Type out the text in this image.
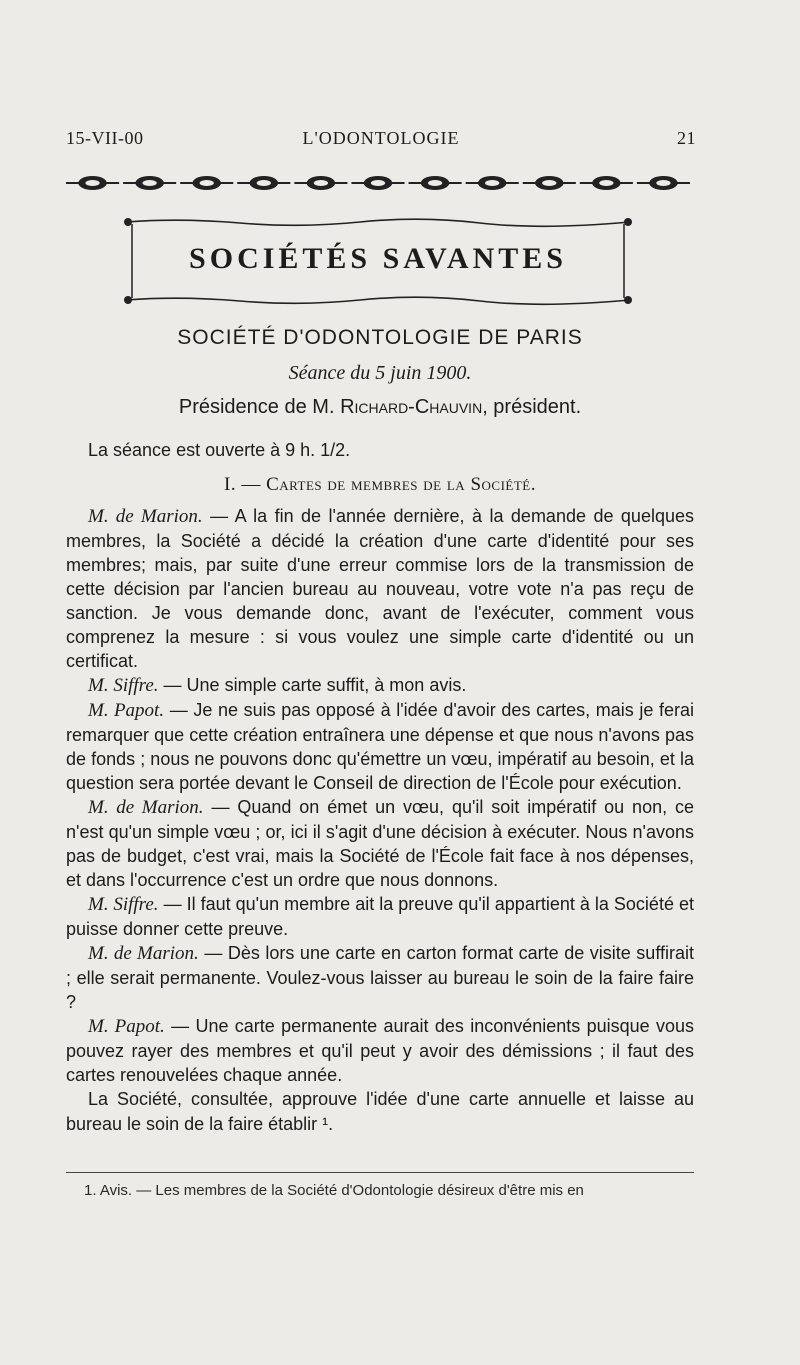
15-VII-00	L'ODONTOLOGIE	21
SOCIÉTÉS SAVANTES
SOCIÉTÉ D'ODONTOLOGIE DE PARIS
Séance du 5 juin 1900.
Présidence de M. Richard-Chauvin, président.
La séance est ouverte à 9 h. 1/2.
I. — Cartes de membres de la Société.

M. de Marion. — A la fin de l'année dernière, à la demande de quelques membres, la Société a décidé la création d'une carte d'identité pour ses membres; mais, par suite d'une erreur commise lors de la transmission de cette décision par l'ancien bureau au nouveau, votre vote n'a pas reçu de sanction. Je vous demande donc, avant de l'exécuter, comment vous comprenez la mesure : si vous voulez une simple carte d'identité ou un certificat.

M. Siffre. — Une simple carte suffit, à mon avis.

M. Papot. — Je ne suis pas opposé à l'idée d'avoir des cartes, mais je ferai remarquer que cette création entraînera une dépense et que nous n'avons pas de fonds ; nous ne pouvons donc qu'émettre un vœu, impératif au besoin, et la question sera portée devant le Conseil de direction de l'École pour exécution.

M. de Marion. — Quand on émet un vœu, qu'il soit impératif ou non, ce n'est qu'un simple vœu ; or, ici il s'agit d'une décision à exécuter. Nous n'avons pas de budget, c'est vrai, mais la Société de l'École fait face à nos dépenses, et dans l'occurrence c'est un ordre que nous donnons.

M. Siffre. — Il faut qu'un membre ait la preuve qu'il appartient à la Société et puisse donner cette preuve.

M. de Marion. — Dès lors une carte en carton format carte de visite suffirait ; elle serait permanente. Voulez-vous laisser au bureau le soin de la faire faire ?

M. Papot. — Une carte permanente aurait des inconvénients puisque vous pouvez rayer des membres et qu'il peut y avoir des démissions ; il faut des cartes renouvelées chaque année.

La Société, consultée, approuve l'idée d'une carte annuelle et laisse au bureau le soin de la faire établir ¹.

1. Avis. — Les membres de la Société d'Odontologie désireux d'être mis en
